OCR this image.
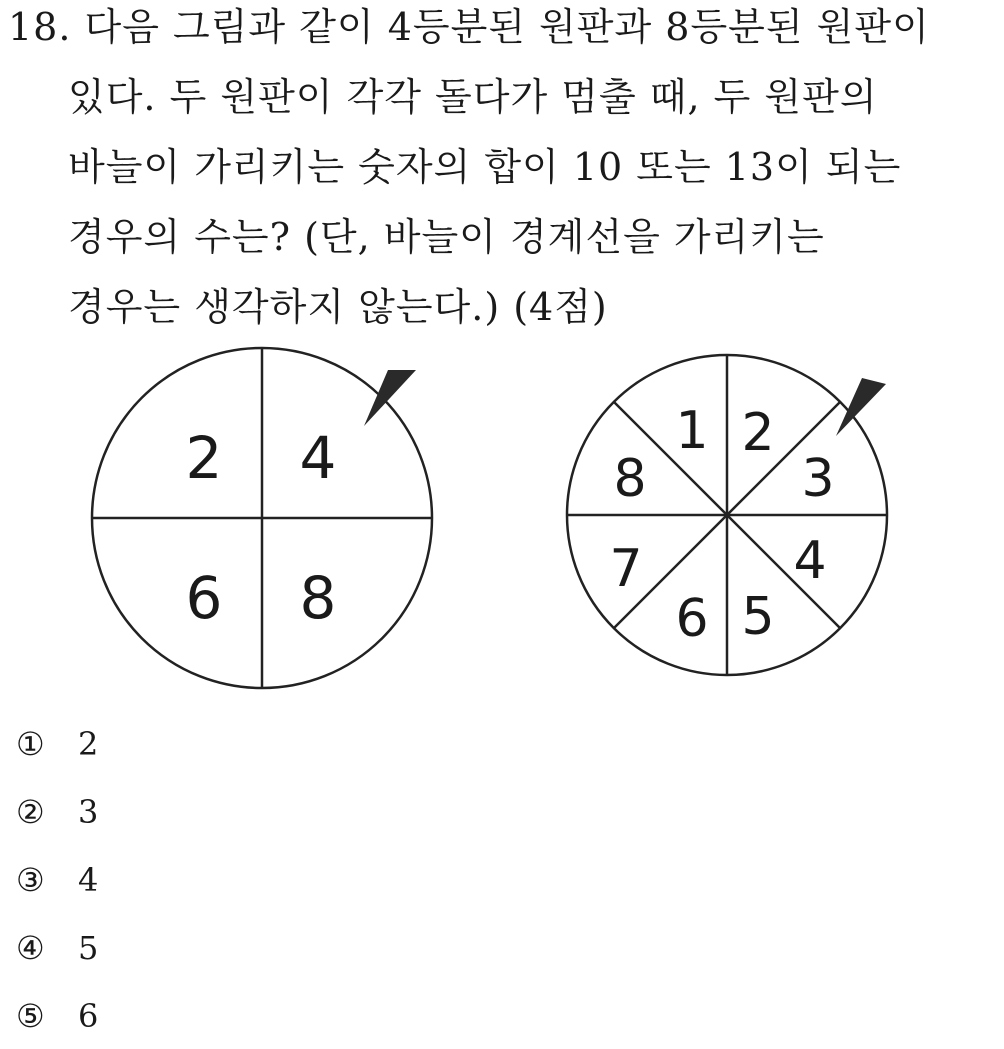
18. 다음 그림과 같이 4등분된 원판과 8등분된 원판이
있다. 두 원판이 각각 돌다가 멈출 때, 두 원판의
바늘이 가리키는 숫자의 합이 10 또는 13이 되는
경우의 수는? (단, 바늘이 경계선을 가리키는
경우는 생각하지 않는다.) (4점)
2 4
6 8
1 2
3
4
5
6
7
8
① 2
② 3
③ 4
④ 5
⑤ 6
